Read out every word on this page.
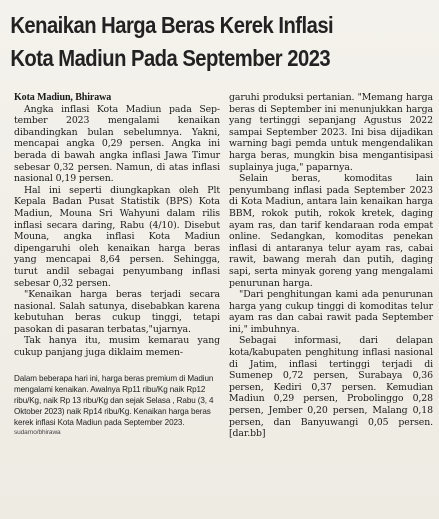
Kenaikan Harga Beras Kerek Inflasi
Kota Madiun Pada September 2023
Kota Madiun, Bhirawa

Angka inflasi Kota Madiun pada Sep- tember 2023 mengalami kenaikan dibandingkan bulan sebelumnya. Yakni, mencapai angka 0,29 persen. Angka ini berada di bawah angka inflasi Jawa Timur sebesar 0,32 persen. Namun, di atas inflasi nasional 0,19 persen.

Hal ini seperti diungkapkan oleh Plt Kepala Badan Pusat Statistik (BPS) Kota Madiun, Mouna Sri Wahyuni dalam rilis inflasi secara daring, Rabu (4/10). Disebut Mouna, angka inflasi Kota Madiun dipengaruhi oleh kenaikan harga beras yang mencapai 8,64 persen. Sehingga, turut andil sebagai penyumbang inflasi sebesar 0,32 persen.

"Kenaikan harga beras terjadi secara nasional. Salah satunya, disebabkan karena kebutuhan beras cukup tinggi, tetapi pasokan di pasaran terbatas,"ujarnya.

Tak hanya itu, musim kemarau yang cukup panjang juga diklaim memen-

Dalam beberapa hari ini, harga beras premium di Madiun mengalami kenaikan. Awalnya Rp11 ribu/Kg naik Rp12 ribu/Kg, naik Rp 13 ribu/Kg dan sejak Selasa , Rabu (3, 4 Oktober 2023) naik Rp14 ribu/Kg. Kenaikan harga beras kerek inflasi Kota Madiun pada September 2023.
sudarno/bhirawa

garuhi produksi pertanian. "Memang harga beras di September ini menunjukkan harga yang tertinggi sepanjang Agustus 2022 sampai September 2023. Ini bisa dijadikan warning bagi pemda untuk mengendalikan harga beras, mungkin bisa mengantisipasi suplainya juga," paparnya.

Selain beras, komoditas lain penyumbang inflasi pada September 2023 di Kota Madiun, antara lain kenaikan harga BBM, rokok putih, rokok kretek, daging ayam ras, dan tarif kendaraan roda empat online. Sedangkan, komoditas penekan inflasi di antaranya telur ayam ras, cabai rawit, bawang merah dan putih, daging sapi, serta minyak goreng yang mengalami penurunan harga.

"Dari penghitungan kami ada penurunan harga yang cukup tinggi di komoditas telur ayam ras dan cabai rawit pada September ini," imbuhnya.

Sebagai informasi, dari delapan kota/kabupaten penghitung inflasi nasional di Jatim, inflasi tertinggi terjadi di Sumenep 0,72 persen, Surabaya 0,36 persen, Kediri 0,37 persen. Kemudian Madiun 0,29 persen, Probolinggo 0,28 persen, Jember 0,20 persen, Malang 0,18 persen, dan Banyuwangi 0,05 persen. [dar.bb]
